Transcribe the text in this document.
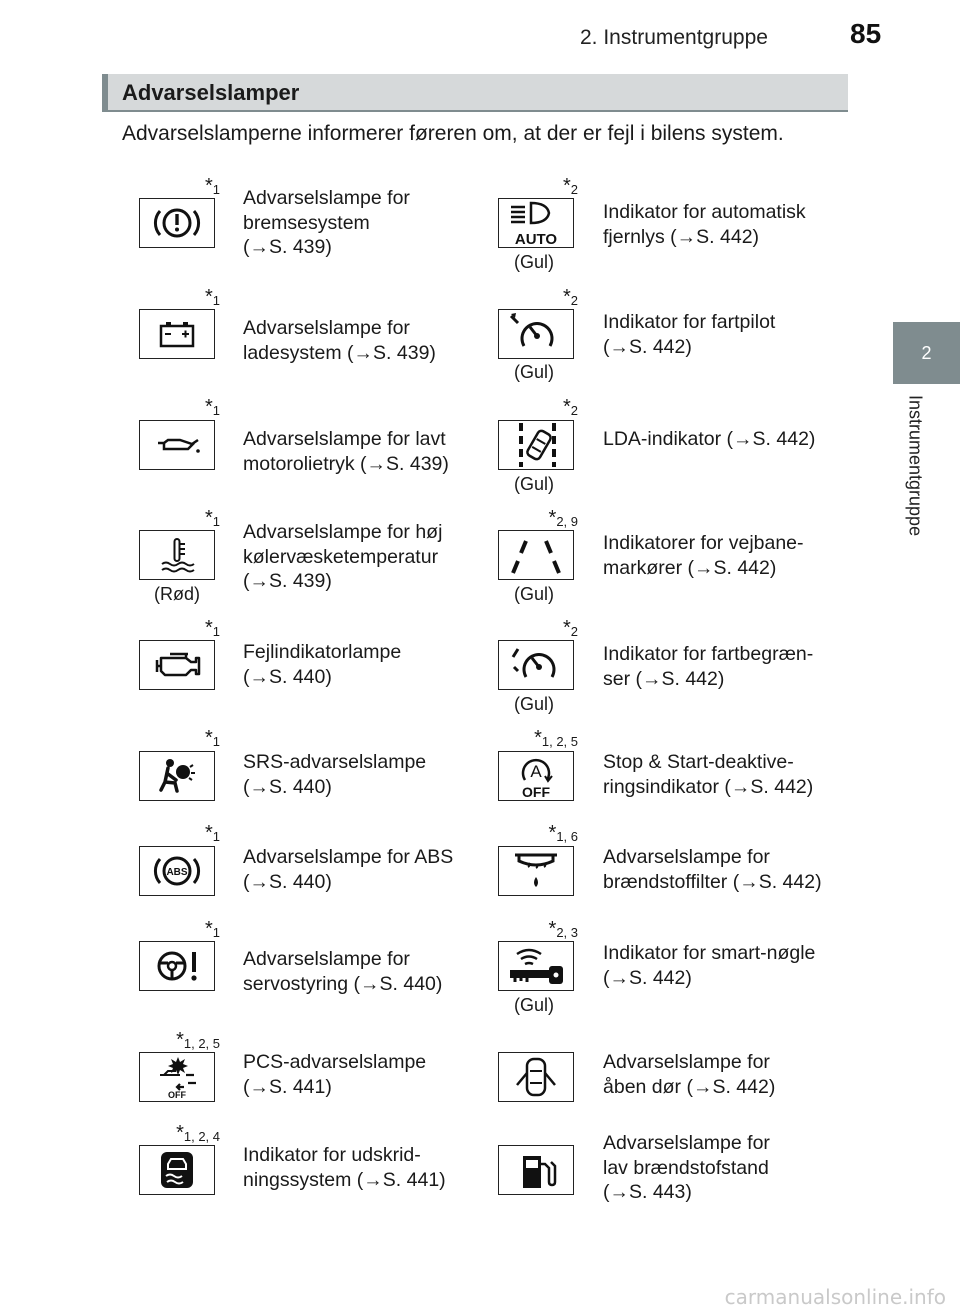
2. Instrumentgruppe	85
2
Instrumentgruppe
Advarselslamper
Advarselslamperne informerer føreren om, at der er fejl i bilens system.
$*_1$ Advarselslampe for
bremsesystem
(→S. 439)
$*_1$
Advarselslampe for
ladesystem (→S. 439)
$*_1$
Advarselslampe for lavt
motorolietryk (→S. 439)
$*_1$
(Rød)
Advarselslampe for høj
kølervæsketemperatur
(→S. 439)
$*_1$
Fejlindikatorlampe
(→S. 440)
$*_1$
SRS-advarselslampe
(→S. 440)
$*_1$
ABS
Advarselslampe for ABS
(→S. 440)
$*_1$
Advarselslampe for
servostyring (→S. 440)
$*_{1, 2, 5}$
OFF
PCS-advarselslampe
(→S. 441)
$*_{1, 2, 4}$
Indikator for udskrid-
ningssystem (→S. 441)
$*_2$
AUTO
(Gul)
Indikator for automatisk
fjernlys (→S. 442)
$*_2$
(Gul)
Indikator for fartpilot
(→S. 442)
$*_2$
(Gul)
LDA-indikator (→S. 442)
$*_{2, 9}$
(Gul)
Indikatorer for vejbane-
markører (→S. 442)
$*_2$
(Gul)
Indikator for fartbegræn-
ser (→S. 442)
$*_{1, 2, 5}$
A
OFF
Stop & Start-deaktive-
ringsindikator (→S. 442)
$*_{1, 6}$
Advarselslampe for
brændstoffilter (→S. 442)
$*_{2, 3}$
(Gul)
Indikator for smart-nøgle
(→S. 442)
Advarselslampe for
åben dør (→S. 442)
Advarselslampe for
lav brændstofstand
(→S. 443)
carmanualsonline.info
